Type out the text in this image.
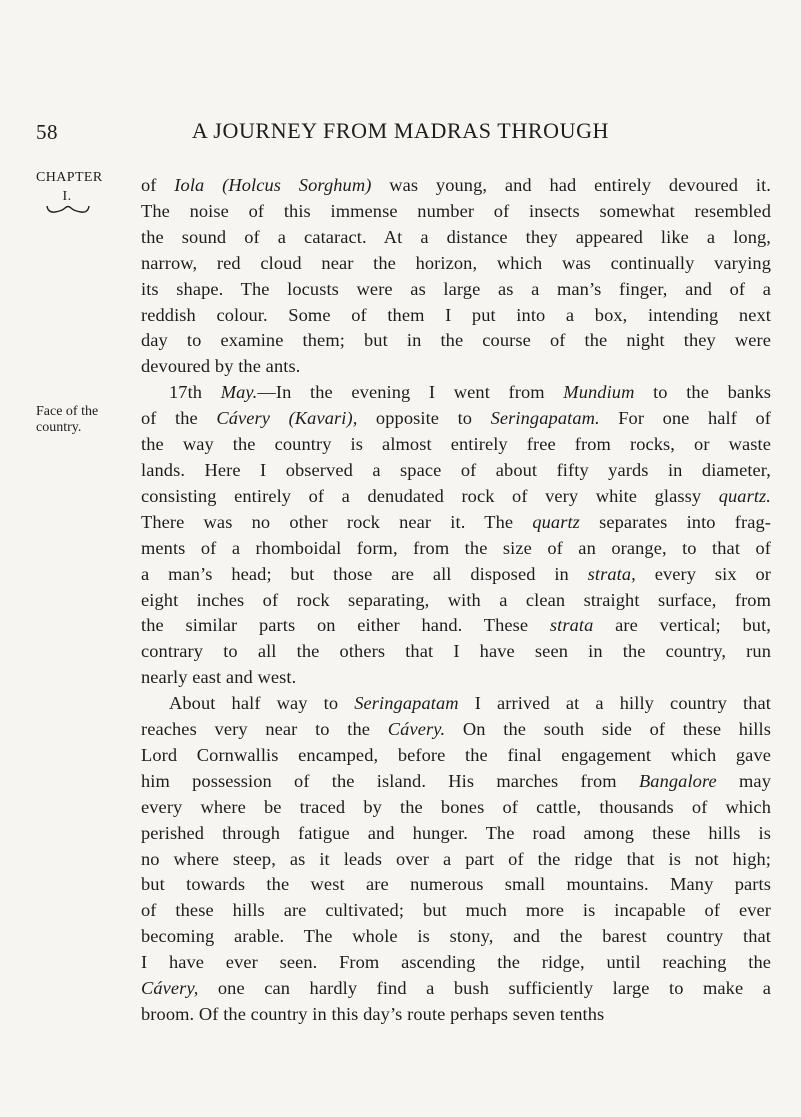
58	A JOURNEY FROM MADRAS THROUGH
CHAPTER
I.
Face of the
country.
of Iola (Holcus Sorghum) was young, and had entirely devoured it.
The noise of this immense number of insects somewhat resembled
the sound of a cataract. At a distance they appeared like a long,
narrow, red cloud near the horizon, which was continually varying
its shape. The locusts were as large as a man’s finger, and of a
reddish colour. Some of them I put into a box, intending next
day to examine them; but in the course of the night they were
devoured by the ants.
17th May.—In the evening I went from Mundium to the banks
of the Cávery (Kavari), opposite to Seringapatam. For one half of
the way the country is almost entirely free from rocks, or waste
lands. Here I observed a space of about fifty yards in diameter,
consisting entirely of a denudated rock of very white glassy quartz.
There was no other rock near it. The quartz separates into frag-
ments of a rhomboidal form, from the size of an orange, to that of
a man’s head; but those are all disposed in strata, every six or
eight inches of rock separating, with a clean straight surface, from
the similar parts on either hand. These strata are vertical; but,
contrary to all the others that I have seen in the country, run
nearly east and west.
About half way to Seringapatam I arrived at a hilly country that
reaches very near to the Cávery. On the south side of these hills
Lord Cornwallis encamped, before the final engagement which gave
him possession of the island. His marches from Bangalore may
every where be traced by the bones of cattle, thousands of which
perished through fatigue and hunger. The road among these hills is
no where steep, as it leads over a part of the ridge that is not high;
but towards the west are numerous small mountains. Many parts
of these hills are cultivated; but much more is incapable of ever
becoming arable. The whole is stony, and the barest country that
I have ever seen. From ascending the ridge, until reaching the
Cávery, one can hardly find a bush sufficiently large to make a
broom. Of the country in this day’s route perhaps seven tenths
